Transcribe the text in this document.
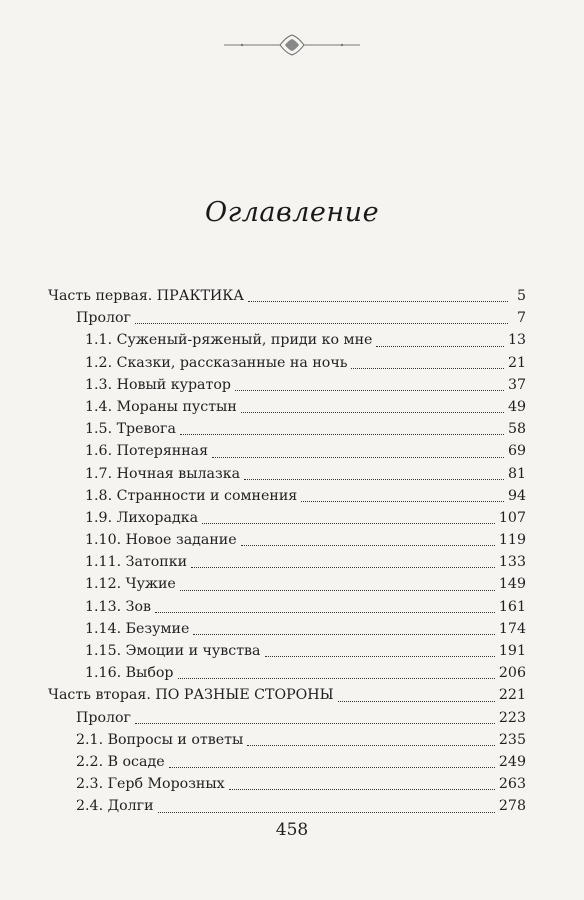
Оглавление
Часть первая. ПРАКТИКА	5
Пролог	7
1.1. Суженый-ряженый, приди ко мне	13
1.2. Сказки, рассказанные на ночь	21
1.3. Новый куратор	37
1.4. Мораны пустын	49
1.5. Тревога	58
1.6. Потерянная	69
1.7. Ночная вылазка	81
1.8. Странности и сомнения	94
1.9. Лихорадка	107
1.10. Новое задание	119
1.11. Затопки	133
1.12. Чужие	149
1.13. Зов	161
1.14. Безумие	174
1.15. Эмоции и чувства	191
1.16. Выбор	206
Часть вторая. ПО РАЗНЫЕ СТОРОНЫ	221
Пролог	223
2.1. Вопросы и ответы	235
2.2. В осаде	249
2.3. Герб Морозных	263
2.4. Долги	278
458
